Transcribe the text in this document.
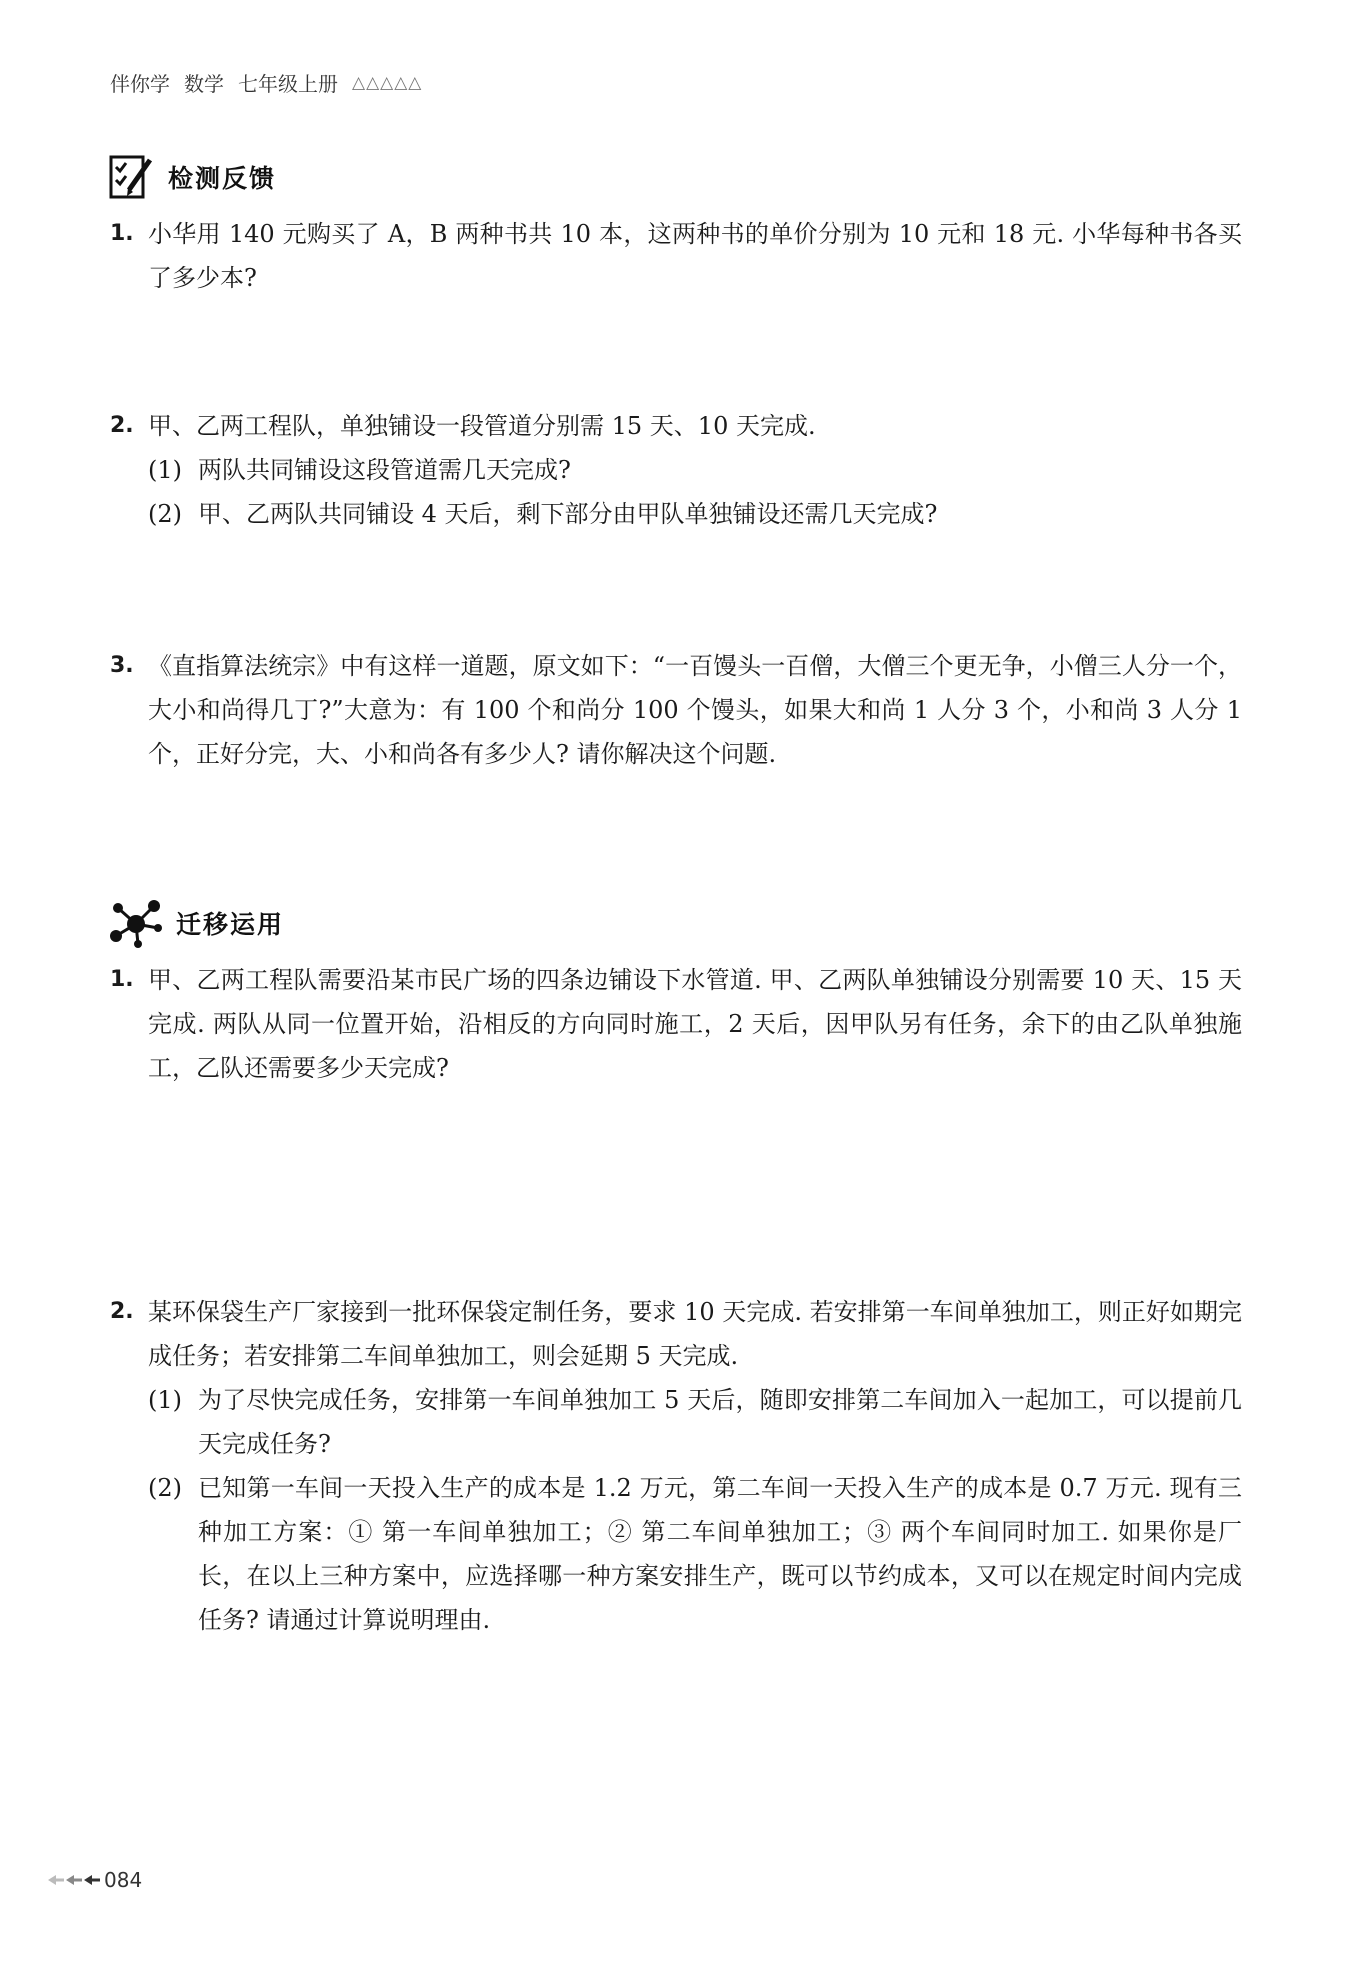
伴你学 数学 七年级上册 △△△△△
检测反馈
1. 小华用 140 元购买了 A，B 两种书共 10 本，这两种书的单价分别为 10 元和 18 元. 小华每种书各买了多少本?
2. 甲、乙两工程队，单独铺设一段管道分别需 15 天、10 天完成.
(1) 两队共同铺设这段管道需几天完成?
(2) 甲、乙两队共同铺设 4 天后，剩下部分由甲队单独铺设还需几天完成?
3. 《直指算法统宗》中有这样一道题，原文如下：“一百馒头一百僧，大僧三个更无争，小僧三人分一个，大小和尚得几丁?”大意为：有 100 个和尚分 100 个馒头，如果大和尚 1 人分 3 个，小和尚 3 人分 1 个，正好分完，大、小和尚各有多少人? 请你解决这个问题.
迁移运用
1. 甲、乙两工程队需要沿某市民广场的四条边铺设下水管道. 甲、乙两队单独铺设分别需要 10 天、15 天完成. 两队从同一位置开始，沿相反的方向同时施工，2 天后，因甲队另有任务，余下的由乙队单独施工，乙队还需要多少天完成?
2. 某环保袋生产厂家接到一批环保袋定制任务，要求 10 天完成. 若安排第一车间单独加工，则正好如期完成任务；若安排第二车间单独加工，则会延期 5 天完成.
(1) 为了尽快完成任务，安排第一车间单独加工 5 天后，随即安排第二车间加入一起加工，可以提前几天完成任务?
(2) 已知第一车间一天投入生产的成本是 1.2 万元，第二车间一天投入生产的成本是 0.7 万元. 现有三种加工方案：① 第一车间单独加工；② 第二车间单独加工；③ 两个车间同时加工. 如果你是厂长，在以上三种方案中，应选择哪一种方案安排生产，既可以节约成本，又可以在规定时间内完成任务? 请通过计算说明理由.
084
